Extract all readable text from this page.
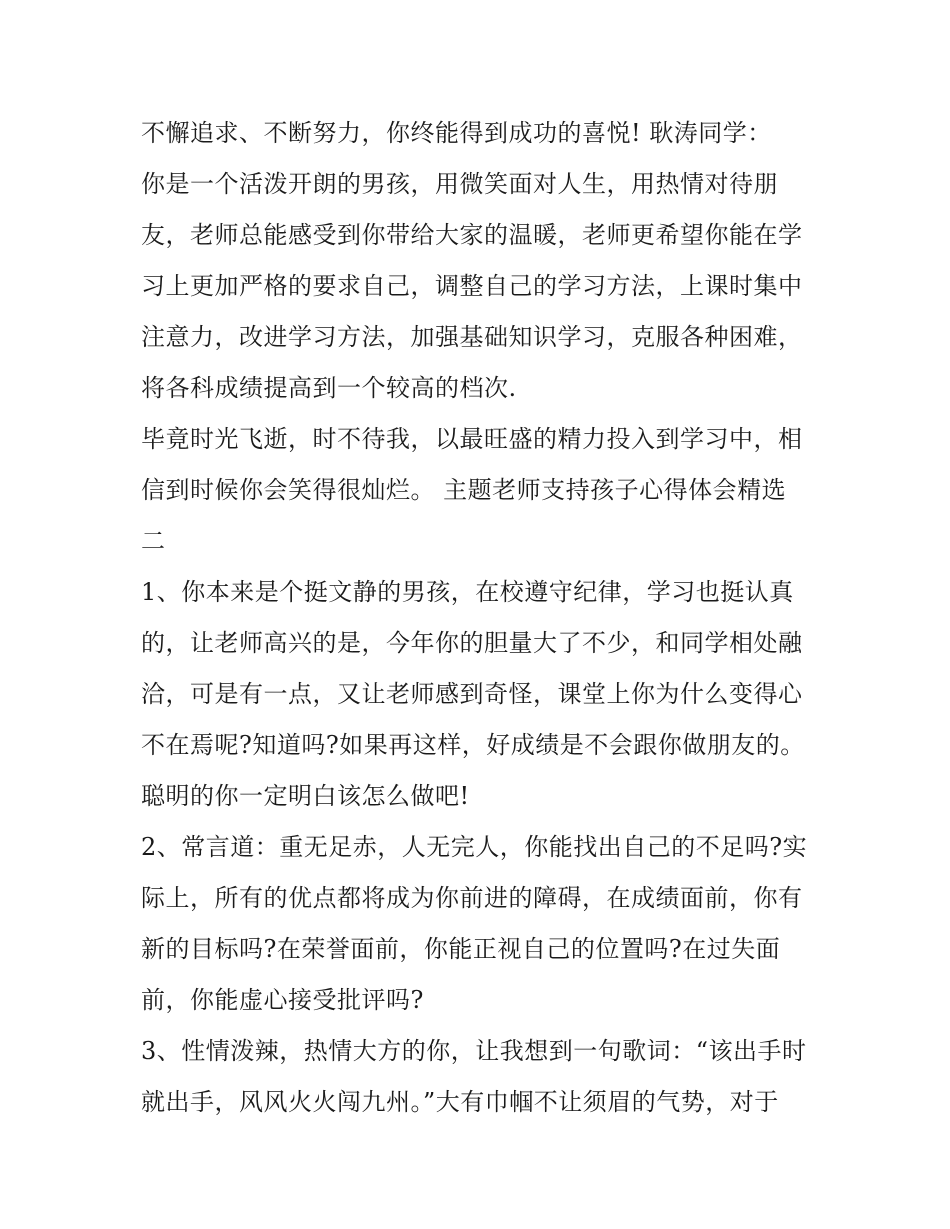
不懈追求、不断努力，你终能得到成功的喜悦! 耿涛同学：
你是一个活泼开朗的男孩，用微笑面对人生，用热情对待朋
友，老师总能感受到你带给大家的温暖，老师更希望你能在学
习上更加严格的要求自己，调整自己的学习方法，上课时集中
注意力，改进学习方法，加强基础知识学习，克服各种困难，
将各科成绩提高到一个较高的档次.
毕竟时光飞逝，时不待我，以最旺盛的精力投入到学习中，相
信到时候你会笑得很灿烂。 主题老师支持孩子心得体会精选
二
1、你本来是个挺文静的男孩，在校遵守纪律，学习也挺认真
的，让老师高兴的是，今年你的胆量大了不少，和同学相处融
洽，可是有一点，又让老师感到奇怪，课堂上你为什么变得心
不在焉呢?知道吗?如果再这样，好成绩是不会跟你做朋友的。
聪明的你一定明白该怎么做吧!
2、常言道：重无足赤，人无完人，你能找出自己的不足吗?实
际上，所有的优点都将成为你前进的障碍，在成绩面前，你有
新的目标吗?在荣誉面前，你能正视自己的位置吗?在过失面
前，你能虚心接受批评吗?
3、性情泼辣，热情大方的你，让我想到一句歌词：“该出手时
就出手，风风火火闯九州。”大有巾帼不让须眉的气势，对于
